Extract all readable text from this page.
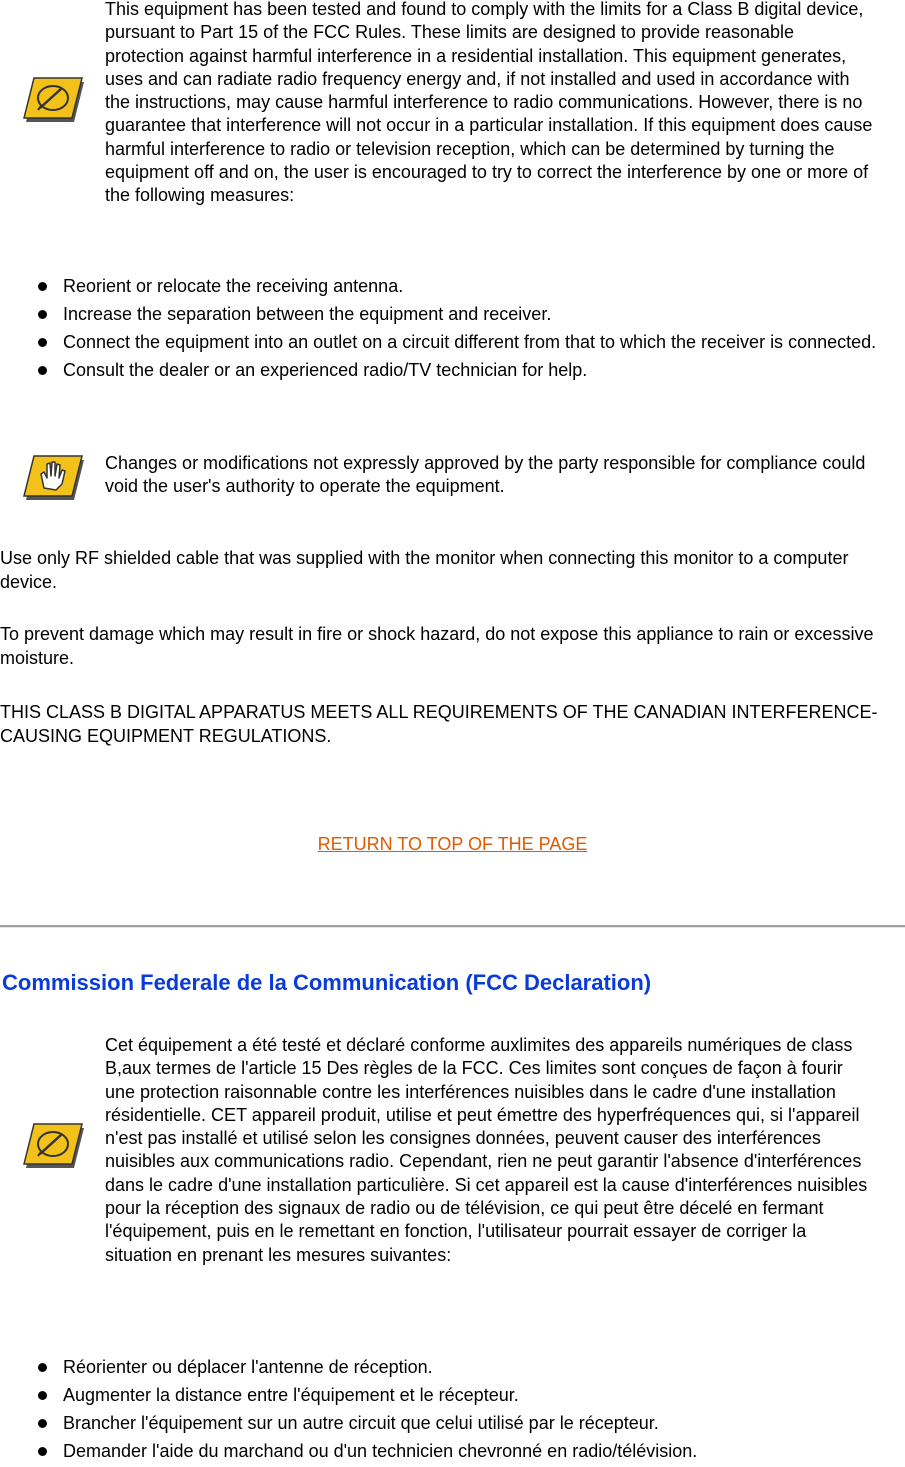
This equipment has been tested and found to comply with the limits for a Class B digital device, pursuant to Part 15 of the FCC Rules. These limits are designed to provide reasonable protection against harmful interference in a residential installation. This equipment generates, uses and can radiate radio frequency energy and, if not installed and used in accordance with the instructions, may cause harmful interference to radio communications. However, there is no guarantee that interference will not occur in a particular installation. If this equipment does cause harmful interference to radio or television reception, which can be determined by turning the equipment off and on, the user is encouraged to try to correct the interference by one or more of the following measures:
Reorient or relocate the receiving antenna.
Increase the separation between the equipment and receiver.
Connect the equipment into an outlet on a circuit different from that to which the receiver is connected.
Consult the dealer or an experienced radio/TV technician for help.
Changes or modifications not expressly approved by the party responsible for compliance could void the user's authority to operate the equipment.

Use only RF shielded cable that was supplied with the monitor when connecting this monitor to a computer device.

To prevent damage which may result in fire or shock hazard, do not expose this appliance to rain or excessive moisture.

THIS CLASS B DIGITAL APPARATUS MEETS ALL REQUIREMENTS OF THE CANADIAN INTERFERENCE-CAUSING EQUIPMENT REGULATIONS.

RETURN TO TOP OF THE PAGE
Commission Federale de la Communication (FCC Declaration)
Cet équipement a été testé et déclaré conforme auxlimites des appareils numériques de class B,aux termes de l'article 15 Des règles de la FCC. Ces limites sont conçues de façon à fourir une protection raisonnable contre les interférences nuisibles dans le cadre d'une installation résidentielle. CET appareil produit, utilise et peut émettre des hyperfréquences qui, si l'appareil n'est pas installé et utilisé selon les consignes données, peuvent causer des interférences nuisibles aux communications radio. Cependant, rien ne peut garantir l'absence d'interférences dans le cadre d'une installation particulière. Si cet appareil est la cause d'interférences nuisibles pour la réception des signaux de radio ou de télévision, ce qui peut être décelé en fermant l'équipement, puis en le remettant en fonction, l'utilisateur pourrait essayer de corriger la situation en prenant les mesures suivantes:
Réorienter ou déplacer l'antenne de réception.
Augmenter la distance entre l'équipement et le récepteur.
Brancher l'équipement sur un autre circuit que celui utilisé par le récepteur.
Demander l'aide du marchand ou d'un technicien chevronné en radio/télévision.
